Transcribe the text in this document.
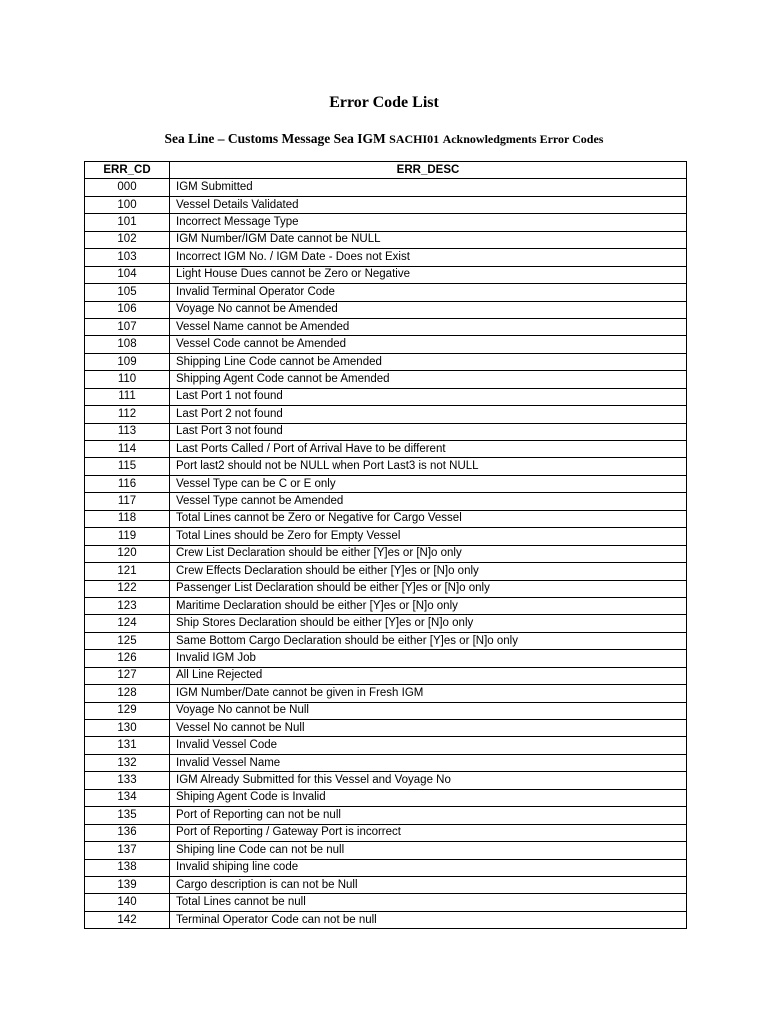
Error Code List
Sea Line – Customs Message Sea IGM SACHI01 Acknowledgments Error Codes
ERR_CD	ERR_DESC
000	IGM Submitted
100	Vessel Details Validated
101	Incorrect Message Type
102	IGM Number/IGM Date cannot be NULL
103	Incorrect IGM No. / IGM Date - Does not Exist
104	Light House Dues cannot be Zero or Negative
105	Invalid Terminal Operator Code
106	Voyage No cannot be Amended
107	Vessel Name cannot be Amended
108	Vessel Code cannot be Amended
109	Shipping Line Code cannot be Amended
110	Shipping Agent Code cannot be Amended
111	Last Port 1 not found
112	Last Port 2 not found
113	Last Port 3 not found
114	Last Ports Called / Port of Arrival Have to be different
115	Port last2 should not be NULL when Port Last3 is not NULL
116	Vessel Type can be C or E only
117	Vessel Type cannot be Amended
118	Total Lines cannot be Zero or Negative for Cargo Vessel
119	Total Lines should be Zero for Empty Vessel
120	Crew List Declaration should be either [Y]es or [N]o only
121	Crew Effects Declaration should be either [Y]es or [N]o only
122	Passenger List Declaration should be either [Y]es or [N]o only
123	Maritime Declaration should be either [Y]es or [N]o only
124	Ship Stores Declaration should be either [Y]es or [N]o only
125	Same Bottom Cargo Declaration should be either [Y]es or [N]o only
126	Invalid IGM Job
127	All Line Rejected
128	IGM Number/Date cannot be given in Fresh IGM
129	Voyage No cannot be Null
130	Vessel No cannot be Null
131	Invalid Vessel Code
132	Invalid Vessel Name
133	IGM Already Submitted for this Vessel and Voyage No
134	Shiping Agent Code is Invalid
135	Port of Reporting can not be null
136	Port of Reporting / Gateway Port is incorrect
137	Shiping line Code can not be null
138	Invalid shiping line code
139	Cargo description is can not be Null
140	Total Lines cannot be null
142	Terminal Operator Code can not be null
